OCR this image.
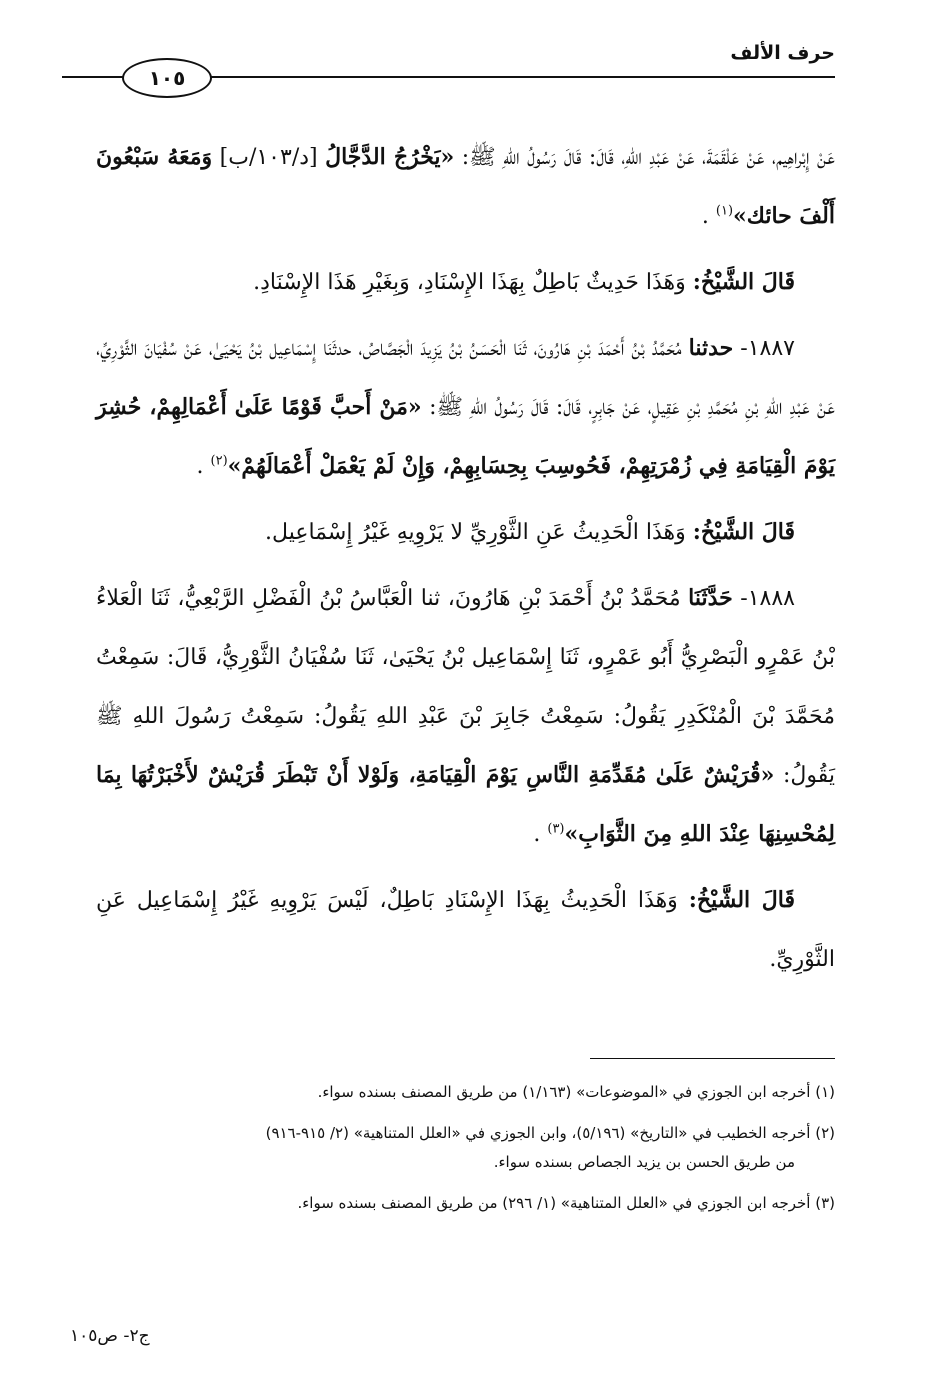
حرف الألف
١٠٥

عَنْ إِبْراهِيم، عَنْ عَلْقَمَةَ، عَنْ عَبْدِ اللهِ، قَالَ: قَالَ رَسُولُ اللهِ ﷺ: «يَخْرُجُ الدَّجَّالُ [د/١٠٣/ب] وَمَعَهُ سَبْعُونَ أَلْفَ حائك»$^{(١)}$ .

قَالَ الشَّيْخُ: وَهَذَا حَدِيثٌ بَاطِلٌ بِهَذَا الإِسْنَادِ، وَبِغَيْرِ هَذَا الإِسْنَادِ.

١٨٨٧- حدثنا مُحَمَّدُ بْنُ أَحْمَدَ بْنِ هَارُونَ، ثَنَا الْحَسَنُ بْنُ يَزِيدَ الْجَصَّاصُ، حدثَنَا إِسْمَاعِيل بْنُ يَحْيَىٰ، عَنْ سُفْيَانَ الثَّوْرِيِّ، عَنْ عَبْدِ اللهِ بْنِ مُحَمَّدِ بْنِ عَقِيلٍ، عَنْ جَابِرٍ، قَالَ: قَالَ رَسُولُ اللهِ ﷺ: «مَنْ أَحبَّ قَوْمًا عَلَىٰ أَعْمَالِهِمْ، حُشِرَ يَوْمَ الْقِيَامَةِ فِي زُمْرَتِهِمْ، فَحُوسِبَ بِحِسَابِهِمْ، وَإِنْ لَمْ يَعْمَلْ أَعْمَالَهُمْ»$^{(٢)}$ .

قَالَ الشَّيْخُ: وَهَذَا الْحَدِيثُ عَنِ الثَّوْرِيِّ لا يَرْوِيهِ غَيْرُ إِسْمَاعِيل.

١٨٨٨- حَدَّثَنَا مُحَمَّدُ بْنُ أَحْمَدَ بْنِ هَارُونَ، ثنا الْعَبَّاسُ بْنُ الْفَضْلِ الرَّبْعِيُّ، ثَنَا الْعَلاءُ بْنُ عَمْرٍو الْبَصْرِيُّ أَبُو عَمْرٍو، ثَنَا إِسْمَاعِيل بْنُ يَحْيَىٰ، ثَنَا سُفْيَانُ الثَّوْرِيُّ، قَالَ: سَمِعْتُ مُحَمَّدَ بْنَ الْمُنْكَدِرِ يَقُولُ: سَمِعْتُ جَابِرَ بْنَ عَبْدِ اللهِ يَقُولُ: سَمِعْتُ رَسُولَ اللهِ ﷺ يَقُولُ: «قُرَيْشٌ عَلَىٰ مُقَدِّمَةِ النَّاسِ يَوْمَ الْقِيَامَةِ، وَلَوْلا أَنْ تَبْطَرَ قُرَيْشٌ لأَخْبَرْتُهَا بِمَا لِمُحْسِنِهَا عِنْدَ اللهِ مِنَ الثَّوَابِ»$^{(٣)}$ .

قَالَ الشَّيْخُ: وَهَذَا الْحَدِيثُ بِهَذَا الإِسْنَادِ بَاطِلٌ، لَيْسَ يَرْوِيهِ غَيْرُ إِسْمَاعِيل عَنِ الثَّوْرِيِّ.

(١) أخرجه ابن الجوزي في «الموضوعات» (١/١٦٣) من طريق المصنف بسنده سواء.
(٢) أخرجه الخطيب في «التاريخ» (٥/١٩٦)، وابن الجوزي في «العلل المتناهية» (٢/ ٩١٥-٩١٦)
من طريق الحسن بن يزيد الجصاص بسنده سواء.
(٣) أخرجه ابن الجوزي في «العلل المتناهية» (١/ ٢٩٦) من طريق المصنف بسنده سواء.
ج٢- ص١٠٥
